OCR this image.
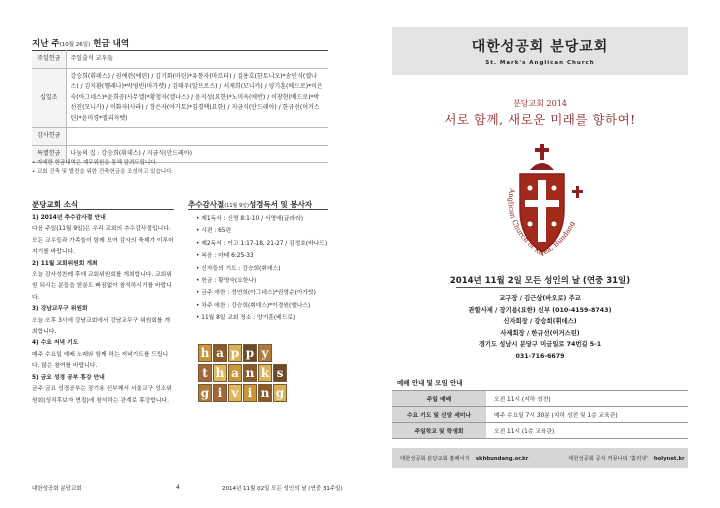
지난 주(10월 26일) 헌금 내역
주일헌금	주일출석 교우들
십일조	강승희(휘데스) / 권예린(에린) / 김기화(마틴)*유봉자(마르타) / 김용호(한토니오)*송인식(엘나스) / 김지환(헬레나)*박영빈(마가렛) / 김태우(알프로스) / 서재희(모니카) / 양기훈(베드로)*이은숙(아그네스)*윤희공(사무엘)*황청자(엘나스) / 윤지성(요한)*노미옥(에반) / 이창현(베드로)*박선진(모니카) / 이화자(사라) / 장은자(아가토)*김경택(요한) / 지금식(안드레아) / 한규선(어거스틴)*윤미경*엘리자벳)
감사헌금	
특별헌금	나눔의 집 : 강승희(휘데스) / 지금식(안드레아)
• 자세한 헌금내역은 재무위원을 통해 알려드립니다.
• 교회 건축 및 발전을 위한 건축헌금을 조성하고 있습니다.
분당교회 소식

1) 2014년 추수감사절 안내

다음 주일(11월 9일)은 우리 교회의 추수감사절입니다. 모든 교우들과 가족들이 함께 모여 감사의 축제가 이루어지기를 바랍니다.

2) 11월 교회위원회 개최

오늘 감사성찬례 후에 교회위원회를 개최합니다. 교회위원 되시는 분들을 한분도 빠짐없이 참석하시기를 바랍니다.

3) 강남교무구 위원회

오늘 오후 3시에 강남교회에서 강남교무구 위원회를 개최합니다.

4) 수요 저녁 기도

매주 수요일 예배 노래와 함께 하는 저녁기도를 드립니다. 많은 참여를 바랍니다.

5) 금요 성경 공부 휴강 안내

금주 금요 성경공부는 장기용 신부께서 서울교구 성소위원회(성직후보자 면접)에 참석하는 관계로 휴강합니다.

추수감사절(11월 9일)성경독서 및 봉사자
• 제1독서 : 신명 8:1-10 / 서영애(글라라)
• 시편 : 65편
• 제2독서 : 이고 1:17-18, 21-27 / 김정호(바나드)
• 복음 : 마태 6:25-33
• 신자들의 기도 : 강승희(휘데스)
• 헌금 : 황영숙(요한나)
• 금주 애찬 : 정연희(아그네스)*권영순(아가빗)
• 차주 애찬 : 강승희(휘데스)*이경원(엘나스)
• 11월 8일 교회 청소 : 양기훈(베드로)
h a p p y
t h a n k s
g i v i n g
대한성공회 분당교회	4	2014년 11월 02일 모든 성인의 날 (연중 31주일)
대한성공회 분당교회
St. Mark's Anglican Church
분당교회 2014
서로 함께, 새로운 미래를 향하여!
Anglican Church of Korea, Bundang
2014년 11월 2일 모든 성인의 날 (연중 31일)
교구장 / 김근상(바오로) 주교
관할사제 / 장기용(요한) 신부 (010-4159-8743)
신자회장 / 강승희(휘데스)
사제회장 / 한규선(어거스틴)
경기도 성남시 분당구 미금일로 74번길 5-1
031-716-6679
예배 안내 및 모임 안내
주일 예배	오전 11시 (지하 성전)
수요 기도 및 신앙 세미나	매주 수요일 7시 30분 (지하 성전 및 1층 교육관)
주일학교 및 학생회	오전 11시 (1층 교육관)
대한성공회 분당교회 홈페이지 skhbundang.or.kr	대한성공회 공식 커뮤니티 '홀리넷' holynet.kr
